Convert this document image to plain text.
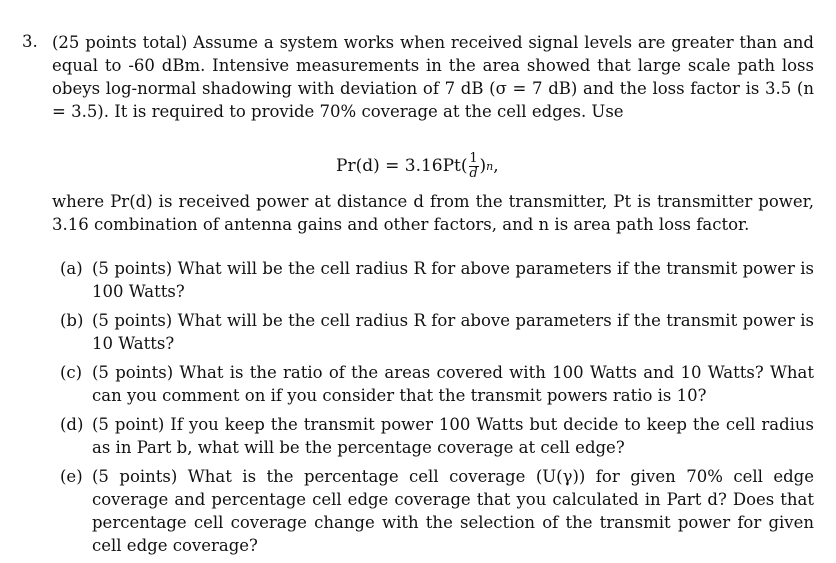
3. (25 points total) Assume a system works when received signal levels are greater than and equal to -60 dBm. Intensive measurements in the area showed that large scale path loss obeys log-normal shadowing with deviation of 7 dB (σ = 7 dB) and the loss factor is 3.5 (n = 3.5). It is required to provide 70% coverage at the cell edges. Use
$Pr(d) = 3.16Pt( \frac{1}{d}$ ) n ,
where Pr(d) is received power at distance d from the transmitter, Pt is transmitter power, 3.16 combination of antenna gains and other factors, and n is area path loss factor.
(a) (5 points) What will be the cell radius R for above parameters if the transmit power is 100 Watts?
(b) (5 points) What will be the cell radius R for above parameters if the transmit power is 10 Watts?
(c) (5 points) What is the ratio of the areas covered with 100 Watts and 10 Watts? What can you comment on if you consider that the transmit powers ratio is 10?
(d) (5 point) If you keep the transmit power 100 Watts but decide to keep the cell radius as in Part b, what will be the percentage coverage at cell edge?
(e) (5 points) What is the percentage cell coverage (U(γ)) for given 70% cell edge coverage and percentage cell edge coverage that you calculated in Part d? Does that percentage cell coverage change with the selection of the transmit power for given cell edge coverage?
